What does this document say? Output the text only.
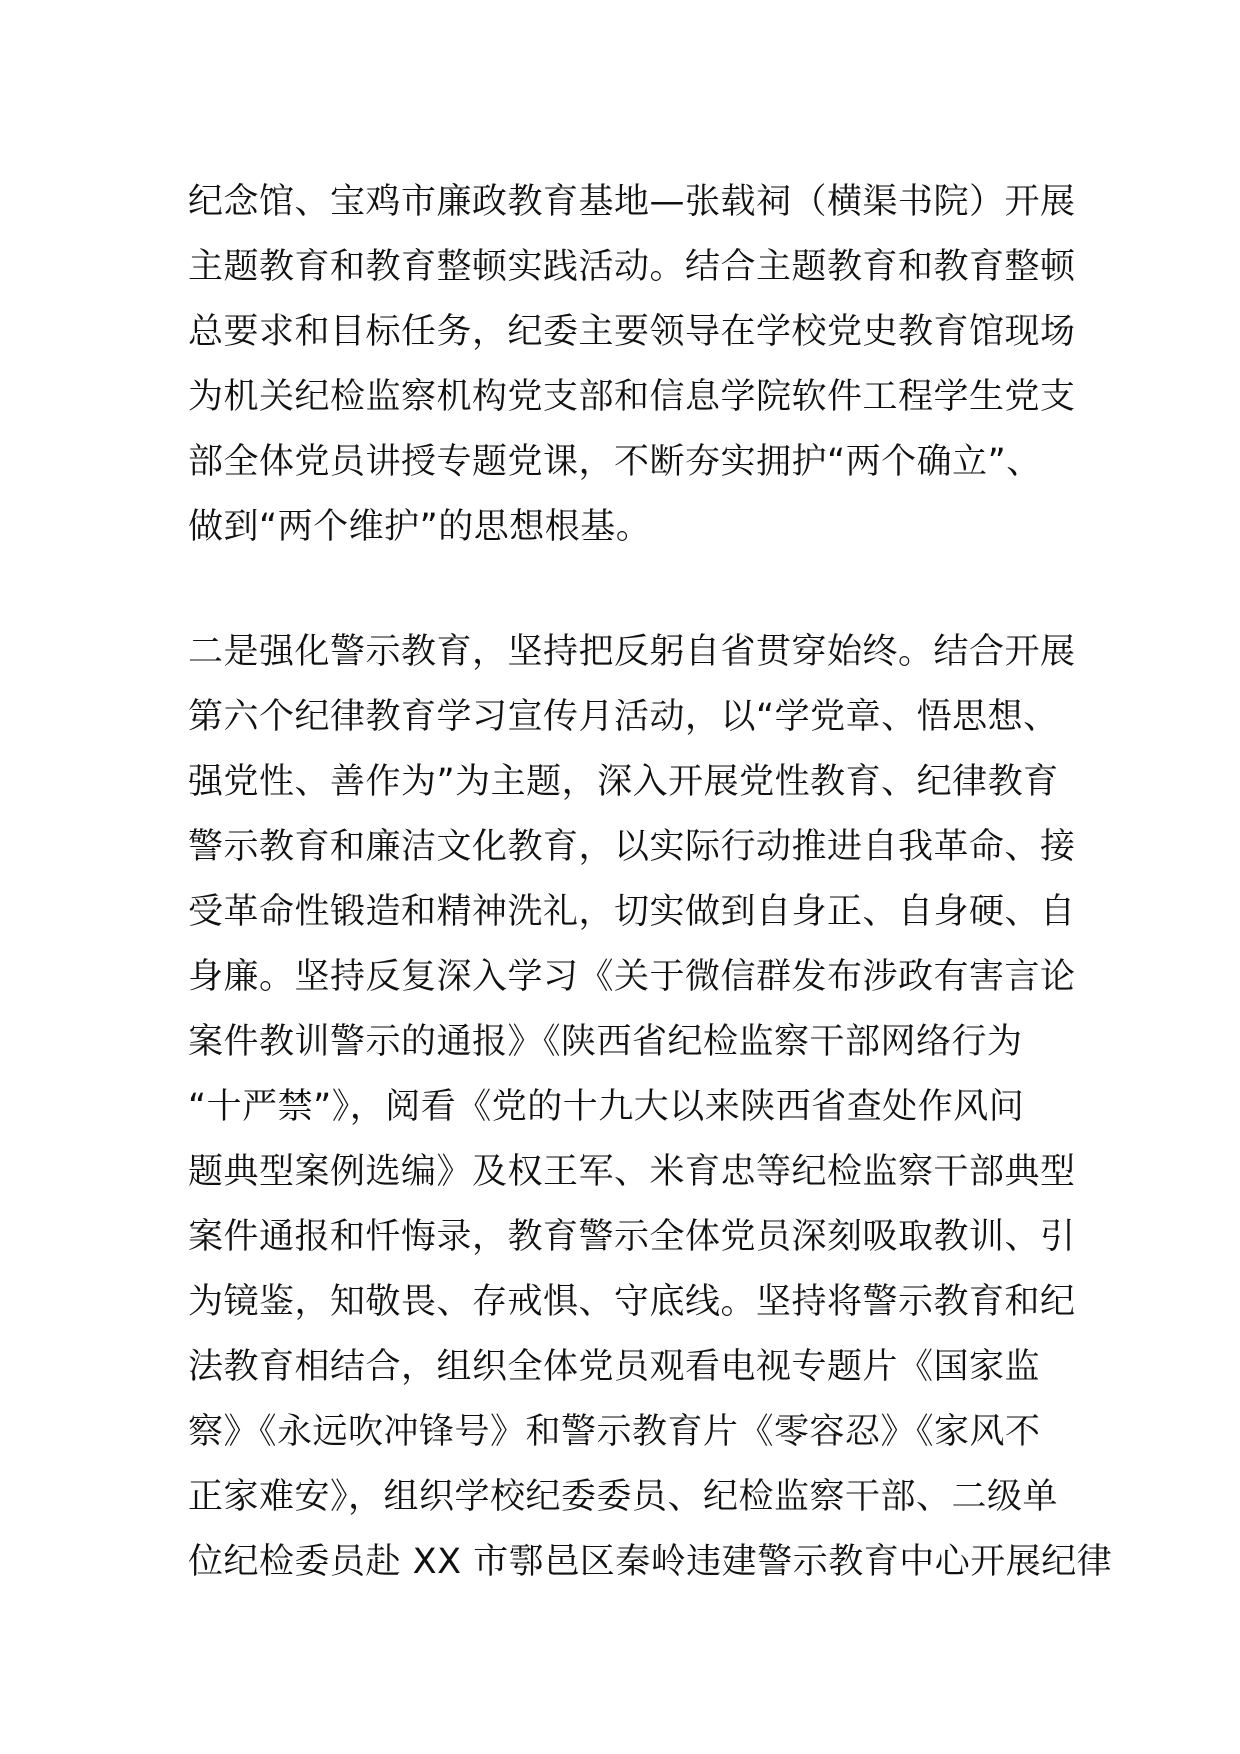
纪念馆、宝鸡市廉政教育基地—张载祠（横渠书院）开展
主题教育和教育整顿实践活动。结合主题教育和教育整顿
总要求和目标任务，纪委主要领导在学校党史教育馆现场
为机关纪检监察机构党支部和信息学院软件工程学生党支
部全体党员讲授专题党课，不断夯实拥护“两个确立”、
做到“两个维护”的思想根基。
二是强化警示教育，坚持把反躬自省贯穿始终。结合开展
第六个纪律教育学习宣传月活动，以“学党章、悟思想、
强党性、善作为”为主题，深入开展党性教育、纪律教育
警示教育和廉洁文化教育，以实际行动推进自我革命、接
受革命性锻造和精神洗礼，切实做到自身正、自身硬、自
身廉。坚持反复深入学习《关于微信群发布涉政有害言论
案件教训警示的通报》《陕西省纪检监察干部网络行为
“十严禁”》，阅看《党的十九大以来陕西省查处作风问
题典型案例选编》及权王军、米育忠等纪检监察干部典型
案件通报和忏悔录，教育警示全体党员深刻吸取教训、引
为镜鉴，知敬畏、存戒惧、守底线。坚持将警示教育和纪
法教育相结合，组织全体党员观看电视专题片《国家监
察》《永远吹冲锋号》和警示教育片《零容忍》《家风不
正家难安》，组织学校纪委委员、纪检监察干部、二级单
位纪检委员赴 XX 市鄠邑区秦岭违建警示教育中心开展纪律
